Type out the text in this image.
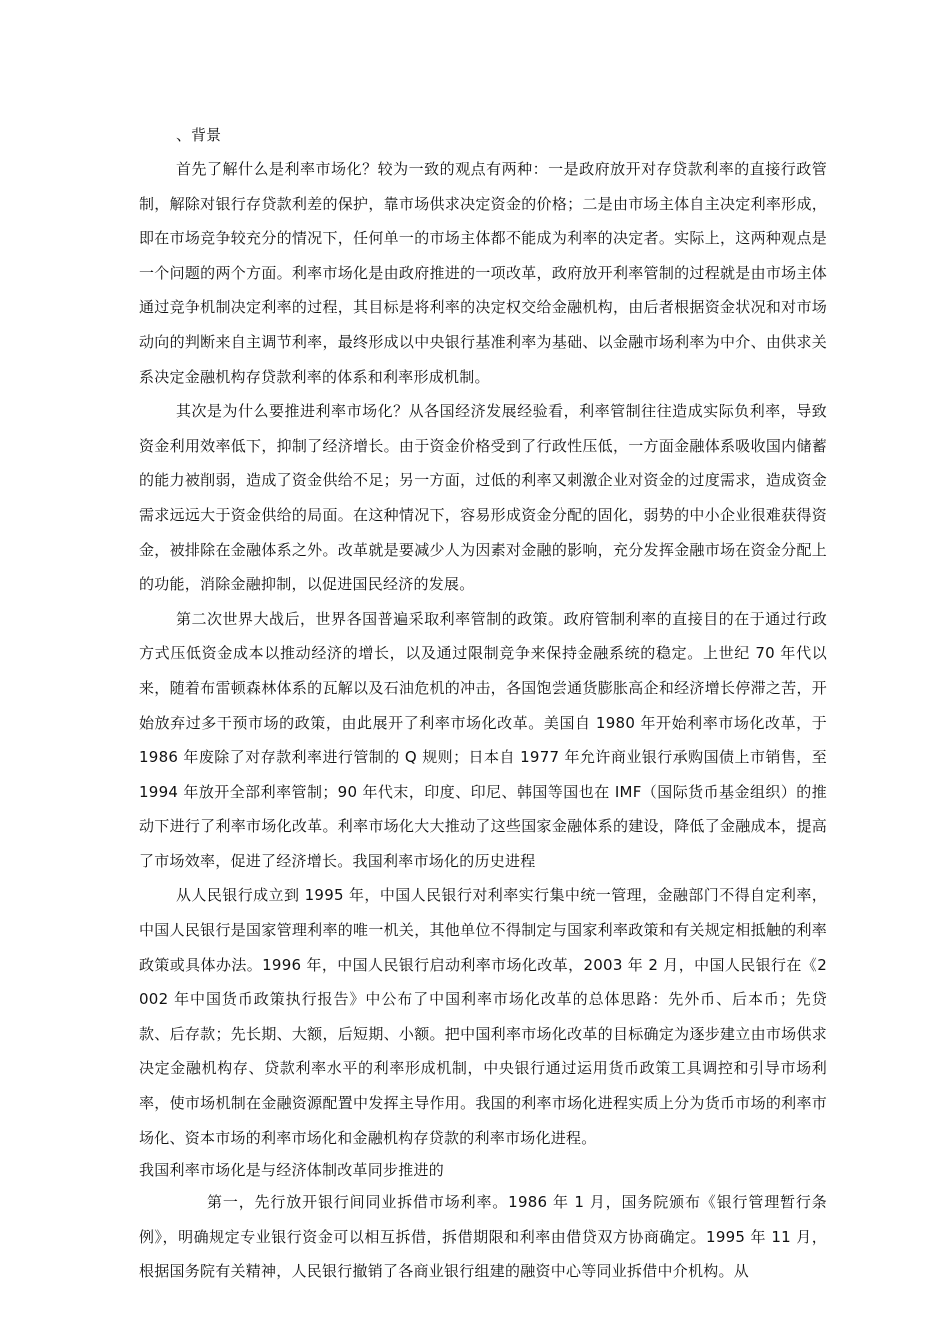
、背景

首先了解什么是利率市场化？较为一致的观点有两种：一是政府放开对存贷款利率的直接行政管制，解除对银行存贷款利差的保护，靠市场供求决定资金的价格；二是由市场主体自主决定利率形成，即在市场竞争较充分的情况下，任何单一的市场主体都不能成为利率的决定者。实际上，这两种观点是一个问题的两个方面。利率市场化是由政府推进的一项改革，政府放开利率管制的过程就是由市场主体通过竞争机制决定利率的过程，其目标是将利率的决定权交给金融机构，由后者根据资金状况和对市场动向的判断来自主调节利率，最终形成以中央银行基准利率为基础、以金融市场利率为中介、由供求关系决定金融机构存贷款利率的体系和利率形成机制。

其次是为什么要推进利率市场化？从各国经济发展经验看，利率管制往往造成实际负利率，导致资金利用效率低下，抑制了经济增长。由于资金价格受到了行政性压低，一方面金融体系吸收国内储蓄的能力被削弱，造成了资金供给不足；另一方面，过低的利率又刺激企业对资金的过度需求，造成资金需求远远大于资金供给的局面。在这种情况下，容易形成资金分配的固化，弱势的中小企业很难获得资金，被排除在金融体系之外。改革就是要减少人为因素对金融的影响，充分发挥金融市场在资金分配上的功能，消除金融抑制，以促进国民经济的发展。

第二次世界大战后，世界各国普遍采取利率管制的政策。政府管制利率的直接目的在于通过行政方式压低资金成本以推动经济的增长，以及通过限制竞争来保持金融系统的稳定。上世纪 70 年代以来，随着布雷顿森林体系的瓦解以及石油危机的冲击，各国饱尝通货膨胀高企和经济增长停滞之苦，开始放弃过多干预市场的政策，由此展开了利率市场化改革。美国自 1980 年开始利率市场化改革，于 1986 年废除了对存款利率进行管制的 Q 规则；日本自 1977 年允许商业银行承购国债上市销售，至 1994 年放开全部利率管制；90 年代末，印度、印尼、韩国等国也在 IMF（国际货币基金组织）的推动下进行了利率市场化改革。利率市场化大大推动了这些国家金融体系的建设，降低了金融成本，提高了市场效率，促进了经济增长。我国利率市场化的历史进程

从人民银行成立到 1995 年，中国人民银行对利率实行集中统一管理，金融部门不得自定利率，中国人民银行是国家管理利率的唯一机关，其他单位不得制定与国家利率政策和有关规定相抵触的利率政策或具体办法。1996 年，中国人民银行启动利率市场化改革，2003 年 2 月，中国人民银行在《2002 年中国货币政策执行报告》中公布了中国利率市场化改革的总体思路：先外币、后本币；先贷款、后存款；先长期、大额，后短期、小额。把中国利率市场化改革的目标确定为逐步建立由市场供求决定金融机构存、贷款利率水平的利率形成机制，中央银行通过运用货币政策工具调控和引导市场利率，使市场机制在金融资源配置中发挥主导作用。我国的利率市场化进程实质上分为货币市场的利率市场化、资本市场的利率市场化和金融机构存贷款的利率市场化进程。

我国利率市场化是与经济体制改革同步推进的

第一，先行放开银行间同业拆借市场利率。1986 年 1 月，国务院颁布《银行管理暂行条例》，明确规定专业银行资金可以相互拆借，拆借期限和利率由借贷双方协商确定。1995 年 11 月，根据国务院有关精神，人民银行撤销了各商业银行组建的融资中心等同业拆借中介机构。从
